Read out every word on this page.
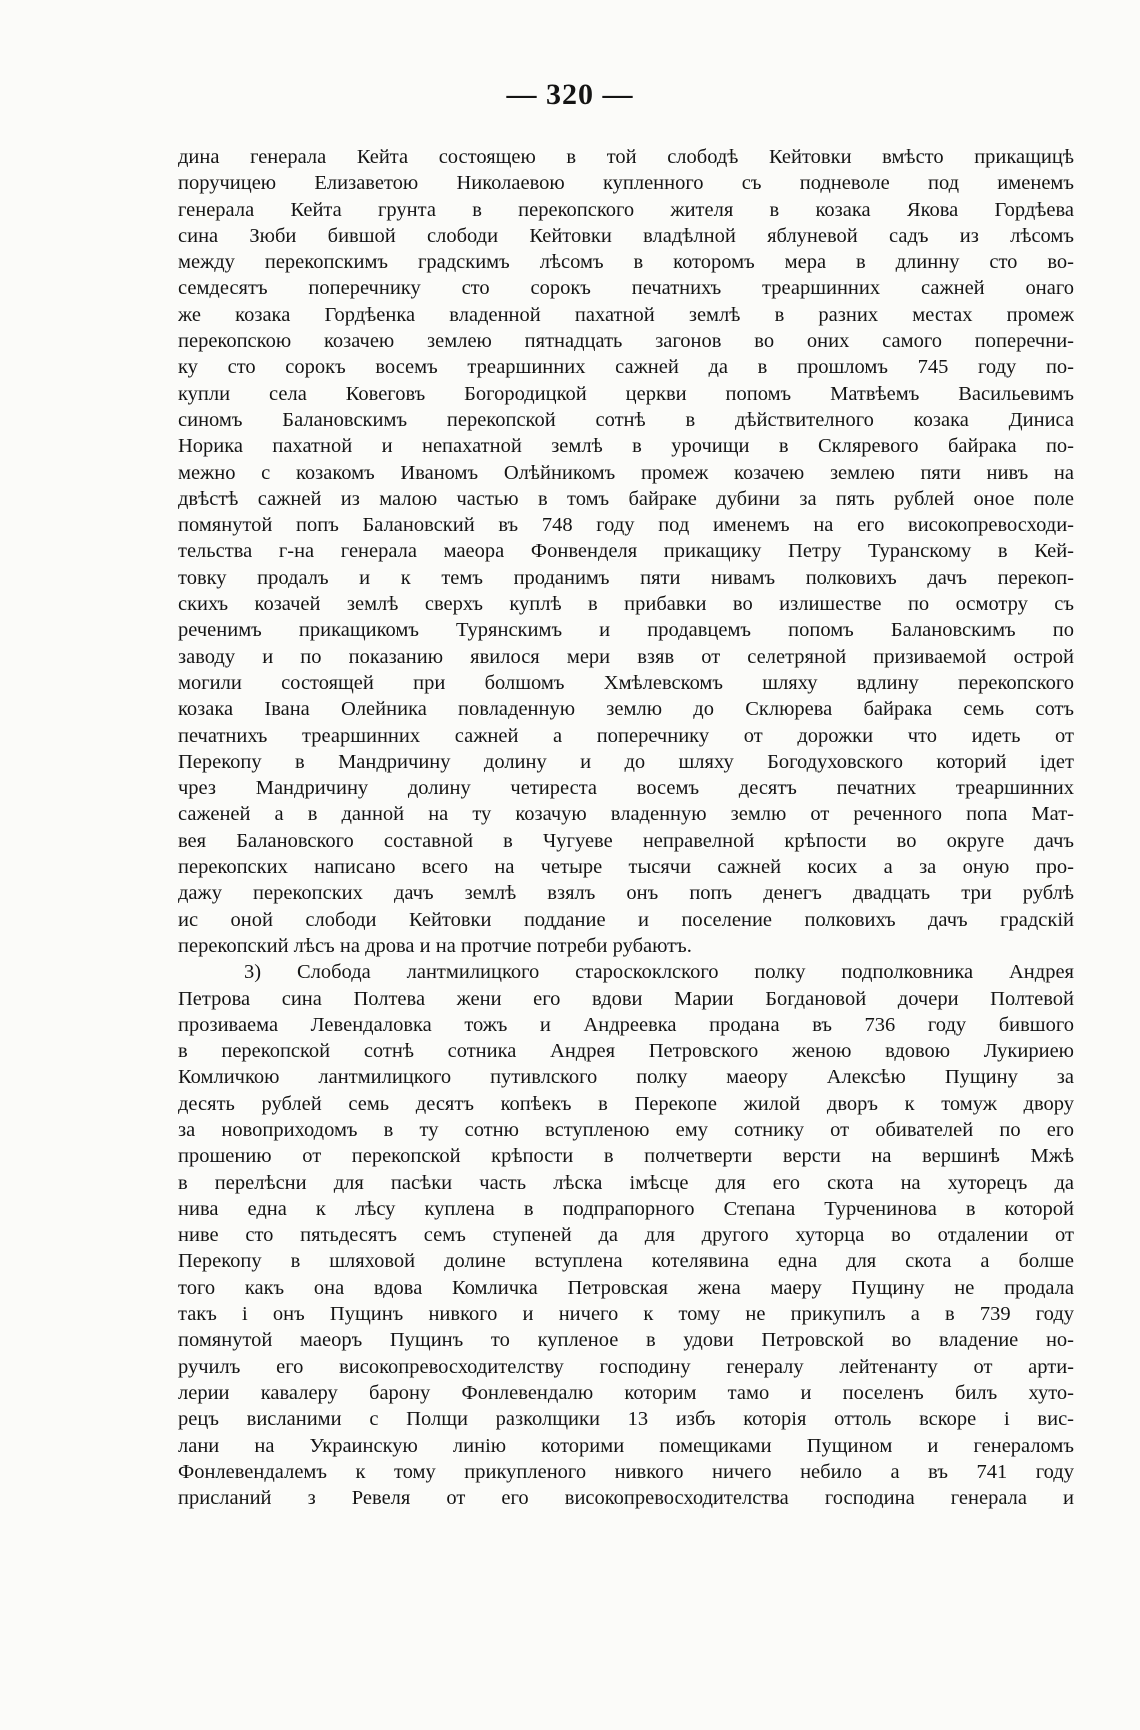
— 320 —
дина генерала Кейта состоящею в той слободѣ Кейтовки вмѣсто прикащицѣ
поручицею Елизаветою Николаевою купленного съ подневоле под именемъ
генерала Кейта грунта в перекопского жителя в козака Якова Гордѣева
сина Зюби бившой слободи Кейтовки владѣлной яблуневой садъ из лѣсомъ
между перекопскимъ градскимъ лѣсомъ в которомъ мера в длинну сто во-
семдесятъ поперечнику сто сорокъ печатнихъ треаршинних сажней онаго
же козака Гордѣенка владенной пахатной землѣ в разних местах промеж
перекопскою козачею землею пятнадцать загонов во оних самого поперечни-
ку сто сорокъ восемъ треаршинних сажней да в прошломъ 745 году по-
купли села Ковеговъ Богородицкой церкви попомъ Матвѣемъ Васильевимъ
синомъ Балановскимъ перекопской сотнѣ в дѣйствителного козака Диниса
Норика пахатной и непахатной землѣ в урочищи в Склярeвого байрака по-
межно с козакомъ Иваномъ Олѣйникомъ промеж козачею землею пяти нивъ на
двѣстѣ сажней из малою частью в томъ байраке дубини за пять рублей оное поле
помянутой попъ Балановский въ 748 году под именемъ на его високопревосходи-
тельства г-на генерала маеора Фонвенделя прикащику Петру Туранскому в Кей-
товку продалъ и к темъ проданимъ пяти нивамъ полковихъ дачъ перекоп-
скихъ козачей землѣ сверхъ куплѣ в прибавки во излишестве по осмотру съ
реченимъ прикащикомъ Турянскимъ и продавцемъ попомъ Балановскимъ по
заводу и по показанию явилося мери взяв от селетряной призиваемой острой
могили состоящей при болшомъ Хмѣлевскомъ шляху вдлину перекопского
козака Івана Олейника повладенную землю до Склюрева байрака семь сотъ
печатнихъ треаршинних сажней а поперечнику от дорожки что идеть от
Перекопу в Мандричину долину и до шляху Богодуховского которий ідет
чрез Мандричину долину четиреста восемъ десятъ печатних треаршинних
саженей а в данной на ту козачую владенную землю от реченного попа Мат-
вея Балановского составной в Чугуеве неправелной крѣпости во округе дачъ
перекопских написано всего на четыре тысячи сажней косих а за оную про-
дажу перекопских дачъ землѣ взялъ онъ попъ денегъ двадцать три рублѣ
ис оной слободи Кейтовки поддание и поселение полковихъ дачъ градскій
перекопский лѣсъ на дрова и на протчие потреби рубаютъ.
3) Слобода лантмилицкого староскоклского полку подполковника Андрея
Петрова сина Полтева жени его вдови Марии Богдановой дочери Полтевой
прозиваема Левендаловка тожъ и Андреевка продана въ 736 году бившого
в перекопской сотнѣ сотника Андрея Петровского женою вдовою Лукириею
Комличкою лантмилицкого путивлского полку маеору Алексѣю Пущину за
десять рублей семь десятъ копѣекъ в Перекопе жилой дворъ к томуж двору
за новоприходомъ в ту сотню вступленою ему сотнику от обивателей по его
прошению от перекопской крѣпости в полчетверти версти на вершинѣ Мжѣ
в перелѣсни для пасѣки часть лѣска імѣсце для его скота на хуторецъ да
нива една к лѣсу куплена в подпрапорного Степана Турченинова в которой
ниве сто пятьдесятъ семъ ступеней да для другого хуторца во отдалении от
Перекопу в шляховой долине вступлена котелявина една для скота а болше
того какъ она вдова Комличка Петровская жена маеру Пущину не продала
такъ і онъ Пущинъ нивкого и ничего к тому не прикупилъ а в 739 году
помянутой маеоръ Пущинъ то купленое в удови Петровской во владение но-
ручилъ его високопревосходителству господину генералу лейтенанту от арти-
лерии кавалеру барону Фонлевендалю которим тамо и поселенъ билъ хуто-
рецъ висланими с Полщи разколщики 13 избъ которія оттоль вскоре і вис-
лани на Украинскую линію которими помещиками Пущином и генераломъ
Фонлевендалемъ к тому прикупленого нивкого ничего небило а въ 741 году
присланий з Ревеля от его високопревосходителства господина генерала и
